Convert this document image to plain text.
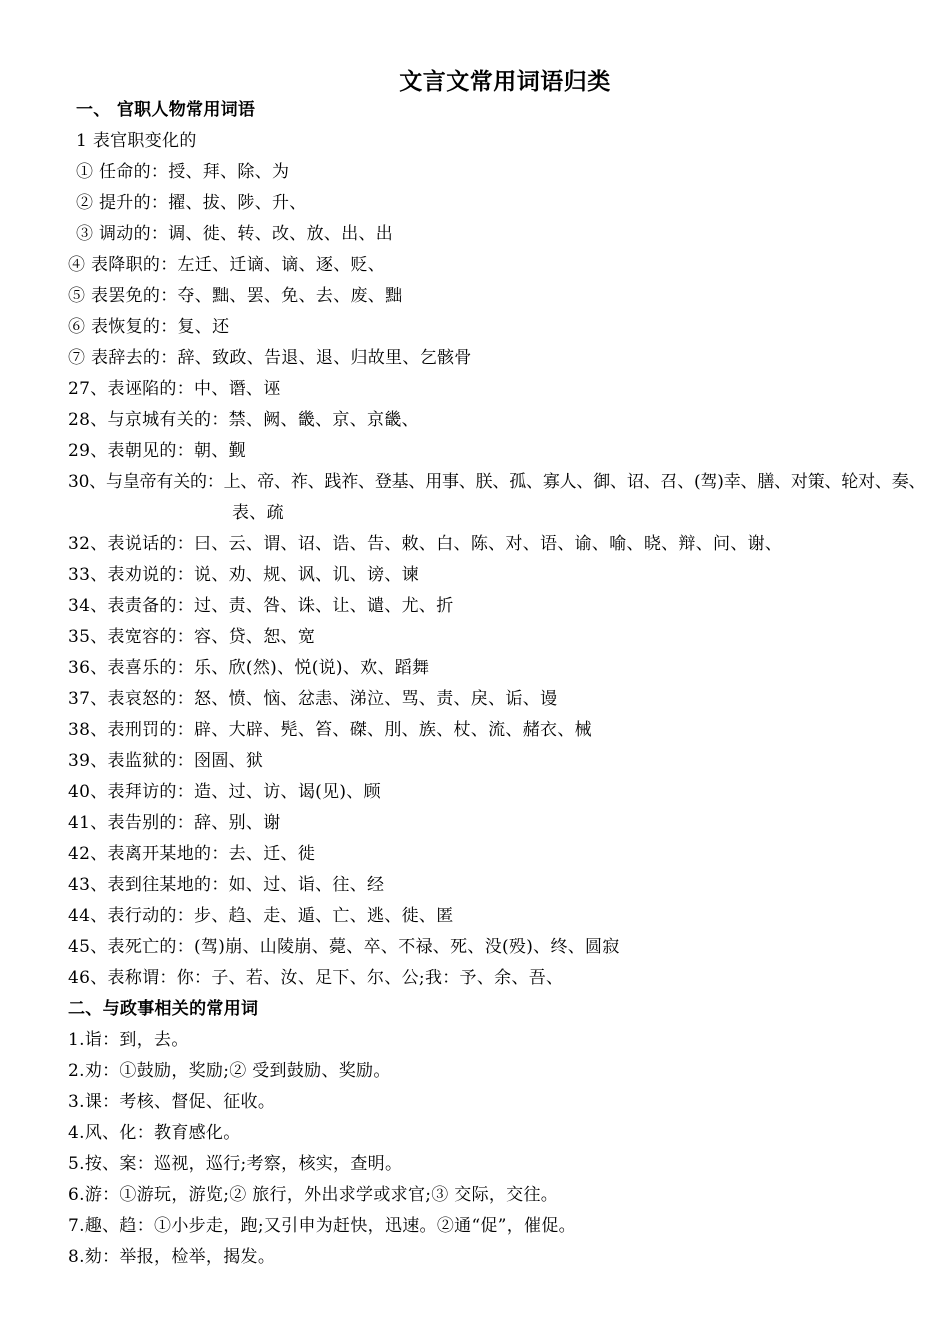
文言文常用词语归类
一、 官职人物常用词语
1 表官职变化的
① 任命的：授、拜、除、为
② 提升的：擢、拔、陟、升、
③ 调动的：调、徙、转、改、放、出、出
④ 表降职的：左迁、迁谪、谪、逐、贬、
⑤ 表罢免的：夺、黜、罢、免、去、废、黜
⑥ 表恢复的：复、还
⑦ 表辞去的：辞、致政、告退、退、归故里、乞骸骨
27、表诬陷的：中、谮、诬
28、与京城有关的：禁、阙、畿、京、京畿、
29、表朝见的：朝、觐
30、与皇帝有关的：上、帝、祚、践祚、登基、用事、朕、孤、寡人、御、诏、召、(驾)幸、膳、对策、轮对、奏、
表、疏
32、表说话的：曰、云、谓、诏、诰、告、敕、白、陈、对、语、谕、喻、晓、辩、问、谢、
33、表劝说的：说、劝、规、讽、讥、谤、谏
34、表责备的：过、责、咎、诛、让、谴、尤、折
35、表宽容的：容、贷、恕、宽
36、表喜乐的：乐、欣(然)、悦(说)、欢、蹈舞
37、表哀怒的：怒、愤、恼、忿恚、涕泣、骂、责、戾、诟、谩
38、表刑罚的：辟、大辟、髡、笞、磔、刖、族、杖、流、赭衣、械
39、表监狱的：囹圄、狱
40、表拜访的：造、过、访、谒(见)、顾
41、表告别的：辞、别、谢
42、表离开某地的：去、迁、徙
43、表到往某地的：如、过、诣、往、经
44、表行动的：步、趋、走、遁、亡、逃、徙、匿
45、表死亡的：(驾)崩、山陵崩、薨、卒、不禄、死、没(殁)、终、圆寂
46、表称谓：你：子、若、汝、足下、尔、公;我：予、余、吾、
二、与政事相关的常用词
1.诣：到，去。
2.劝：①鼓励，奖励;② 受到鼓励、奖励。
3.课：考核、督促、征收。
4.风、化：教育感化。
5.按、案：巡视，巡行;考察，核实，查明。
6.游：①游玩，游览;② 旅行，外出求学或求官;③ 交际，交往。
7.趣、趋：①小步走，跑;又引申为赶快，迅速。②通“促”，催促。
8.劾：举报，检举，揭发。
